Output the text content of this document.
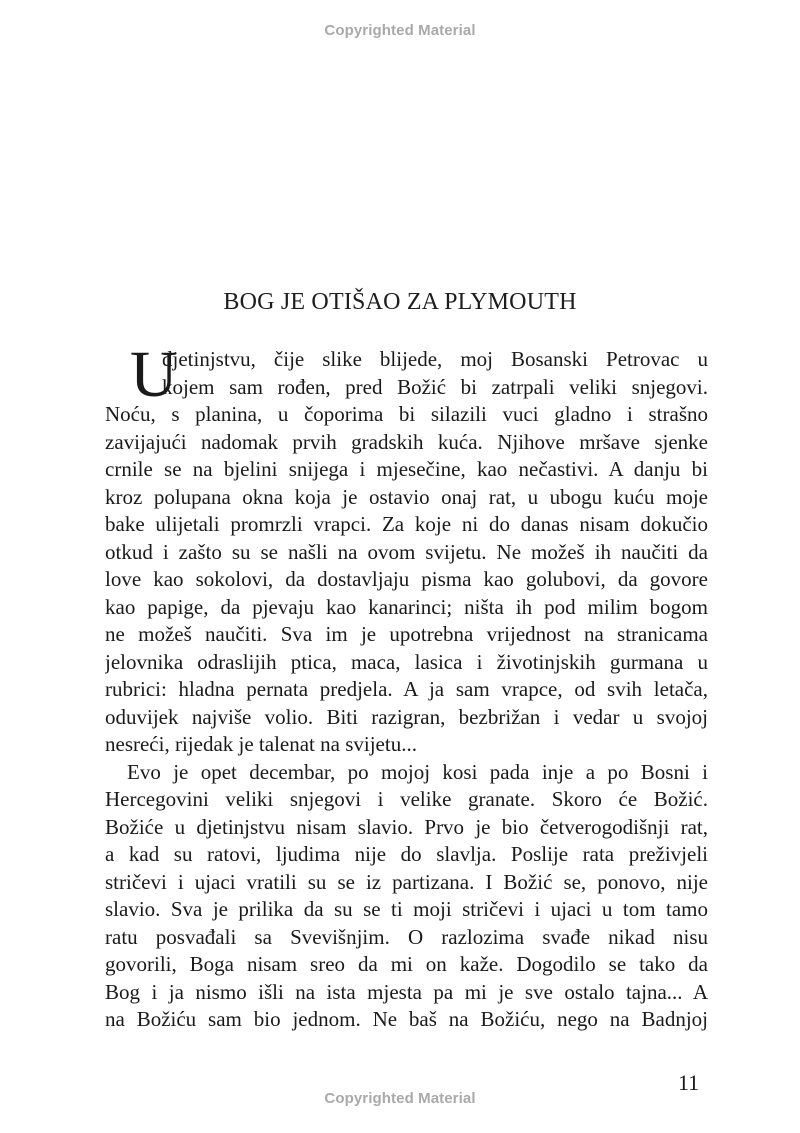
Copyrighted Material
BOG JE OTIŠAO ZA PLYMOUTH
U
djetinjstvu, čije slike blijede, moj Bosanski Petrovac u
kojem sam rođen, pred Božić bi zatrpali veliki snjegovi.
Noću, s planina, u čoporima bi silazili vuci gladno i strašno
zavijajući nadomak prvih gradskih kuća. Njihove mršave sjenke
crnile se na bjelini snijega i mjesečine, kao nečastivi. A danju bi
kroz polupana okna koja je ostavio onaj rat, u ubogu kuću moje
bake ulijetali promrzli vrapci. Za koje ni do danas nisam dokučio
otkud i zašto su se našli na ovom svijetu. Ne možeš ih naučiti da
love kao sokolovi, da dostavljaju pisma kao golubovi, da govore
kao papige, da pjevaju kao kanarinci; ništa ih pod milim bogom
ne možeš naučiti. Sva im je upotrebna vrijednost na stranicama
jelovnika odraslijih ptica, maca, lasica i životinjskih gurmana u
rubrici: hladna pernata predjela. A ja sam vrapce, od svih letača,
oduvijek najviše volio. Biti razigran, bezbrižan i vedar u svojoj
nesreći, rijedak je talenat na svijetu...
Evo je opet decembar, po mojoj kosi pada inje a po Bosni i
Hercegovini veliki snjegovi i velike granate. Skoro će Božić.
Božiće u djetinjstvu nisam slavio. Prvo je bio četverogodišnji rat,
a kad su ratovi, ljudima nije do slavlja. Poslije rata preživjeli
stričevi i ujaci vratili su se iz partizana. I Božić se, ponovo, nije
slavio. Sva je prilika da su se ti moji stričevi i ujaci u tom tamo
ratu posvađali sa Svevišnjim. O razlozima svađe nikad nisu
govorili, Boga nisam sreo da mi on kaže. Dogodilo se tako da
Bog i ja nismo išli na ista mjesta pa mi je sve ostalo tajna... A
na Božiću sam bio jednom. Ne baš na Božiću, nego na Badnjoj
11
Copyrighted Material
